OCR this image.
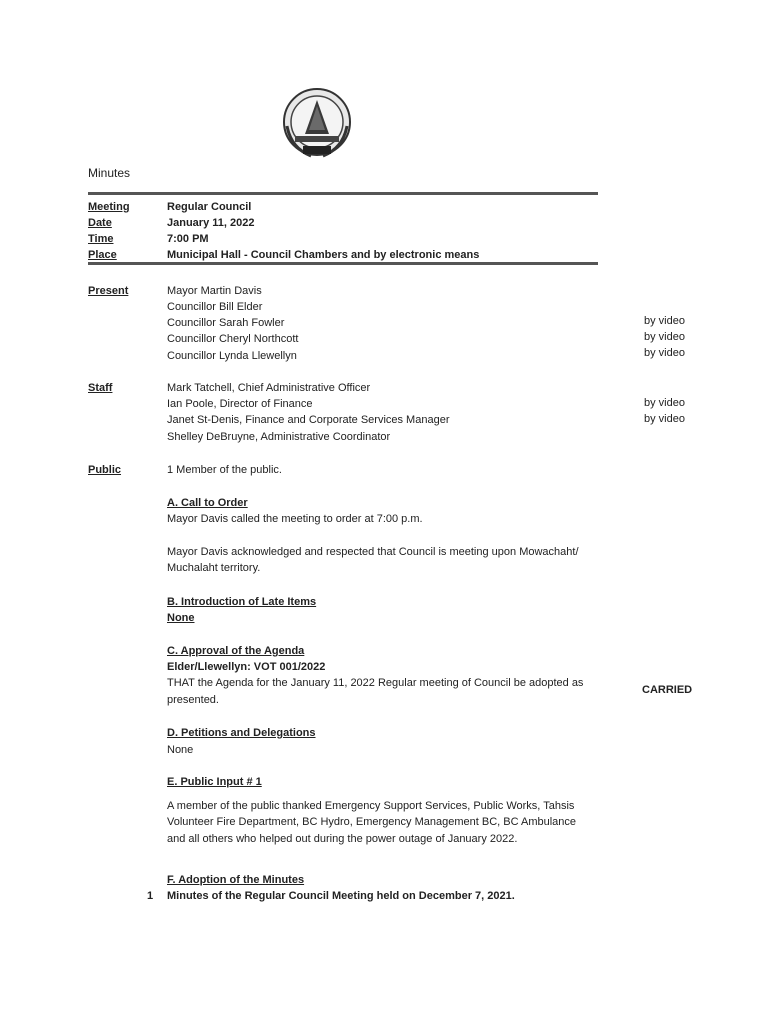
Minutes
Meeting	Regular Council
Date	January 11, 2022
Time	7:00 PM
Place	Municipal Hall - Council Chambers and by electronic means
Present	Mayor Martin Davis
Councillor Bill Elder
Councillor Sarah Fowler	by video
Councillor Cheryl Northcott	by video
Councillor Lynda Llewellyn	by video
Staff	Mark Tatchell, Chief Administrative Officer
Ian Poole, Director of Finance	by video
Janet St-Denis, Finance and Corporate Services Manager	by video
Shelley DeBruyne, Administrative Coordinator
Public	1 Member of the public.
A. Call to Order
Mayor Davis called the meeting to order at 7:00 p.m.
Mayor Davis acknowledged and respected that Council is meeting upon Mowachaht/
Muchalaht territory.
B. Introduction of Late Items
None
C. Approval of the Agenda
Elder/Llewellyn: VOT 001/2022
THAT the Agenda for the January 11, 2022 Regular meeting of Council be adopted as
presented.
CARRIED
D. Petitions and Delegations
None
E. Public Input # 1
A member of the public thanked Emergency Support Services, Public Works, Tahsis
Volunteer Fire Department, BC Hydro, Emergency Management BC, BC Ambulance
and all others who helped out during the power outage of January 2022.
F. Adoption of the Minutes
1 Minutes of the Regular Council Meeting held on December 7, 2021.
